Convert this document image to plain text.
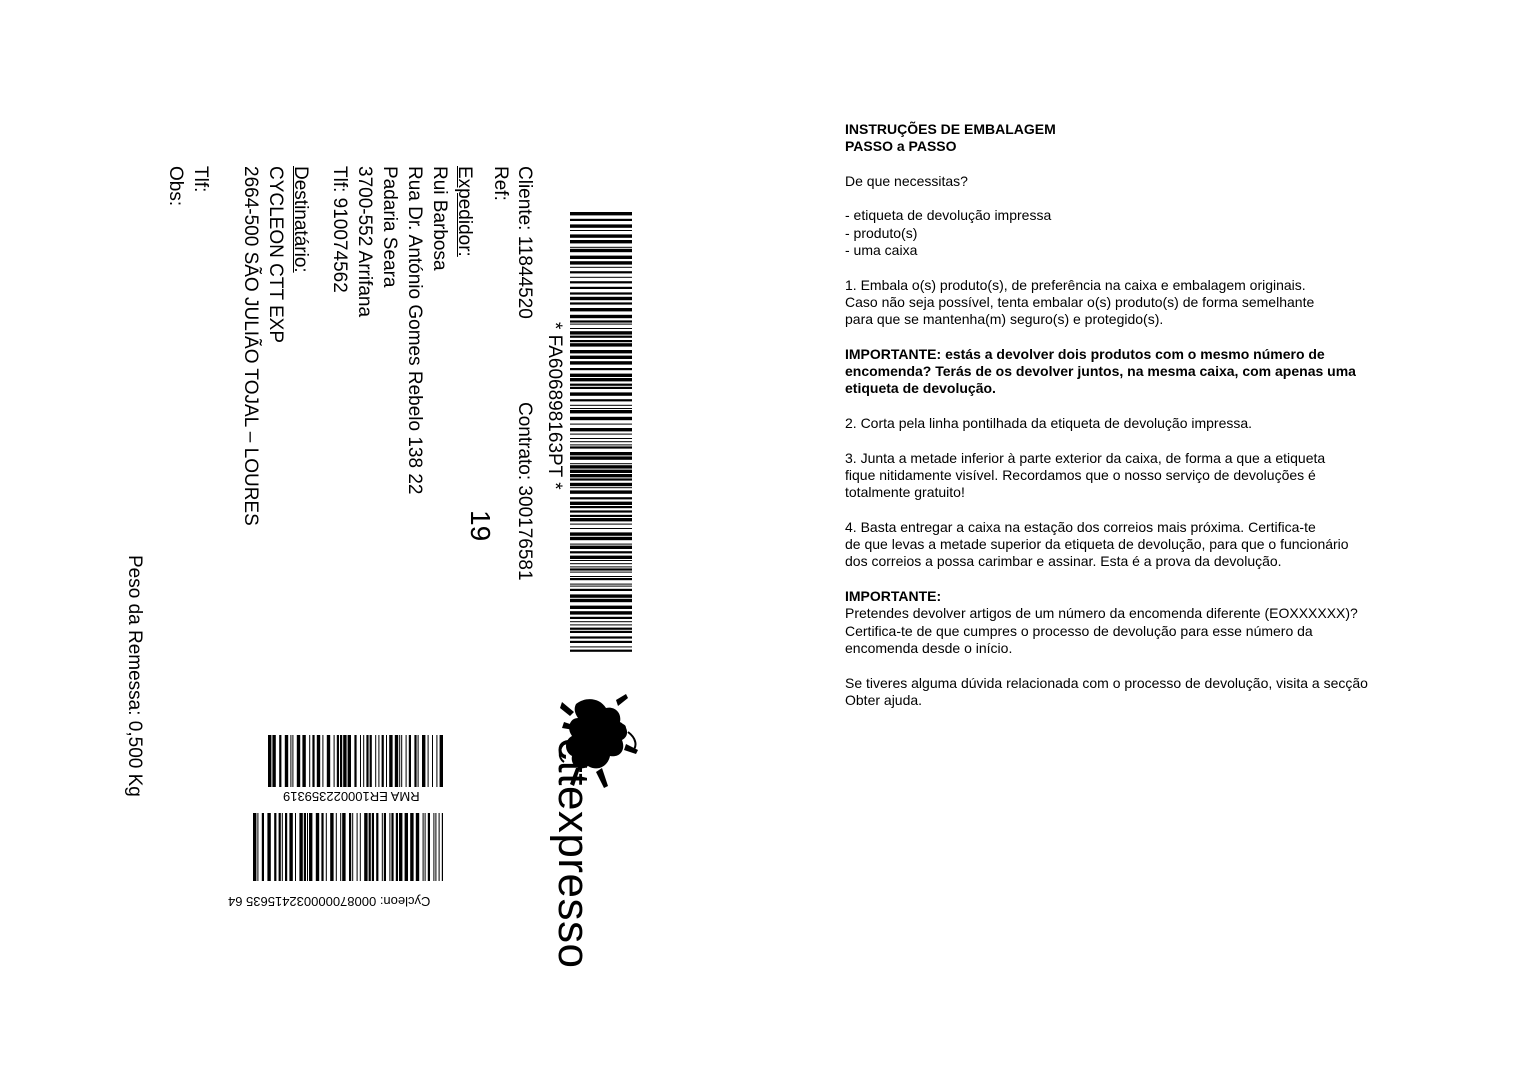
* FA606898163PT *
Cliente: 11844520
Ref:
Contrato: 300176581
19
Expedidor:
Rui Barbosa
Rua Dr. António Gomes Rebelo 138 22
Padaria Seara
3700-552 Arrifana
Tlf: 910074562
Destinatário:
CYCLEON CTT EXP
2664-500 SÃO JULIÃO TOJAL – LOURES
Tlf:
Obs:
Peso da Remessa: 0,500 Kg
cttexpresso
RMA ER100022359319
Cycleon: 000870000032415635 64

INSTRUÇÕES DE EMBALAGEM
PASSO a PASSO

De que necessitas?

- etiqueta de devolução impressa
- produto(s)
- uma caixa

1. Embala o(s) produto(s), de preferência na caixa e embalagem originais.
Caso não seja possível, tenta embalar o(s) produto(s) de forma semelhante
para que se mantenha(m) seguro(s) e protegido(s).

IMPORTANTE: estás a devolver dois produtos com o mesmo número de
encomenda? Terás de os devolver juntos, na mesma caixa, com apenas uma
etiqueta de devolução.

2. Corta pela linha pontilhada da etiqueta de devolução impressa.

3. Junta a metade inferior à parte exterior da caixa, de forma a que a etiqueta
fique nitidamente visível. Recordamos que o nosso serviço de devoluções é
totalmente gratuito!

4. Basta entregar a caixa na estação dos correios mais próxima. Certifica-te
de que levas a metade superior da etiqueta de devolução, para que o funcionário
dos correios a possa carimbar e assinar. Esta é a prova da devolução.

IMPORTANTE:

Pretendes devolver artigos de um número da encomenda diferente (EOXXXXXX)?
Certifica-te de que cumpres o processo de devolução para esse número da
encomenda desde o início.

Se tiveres alguma dúvida relacionada com o processo de devolução, visita a secção
Obter ajuda.
